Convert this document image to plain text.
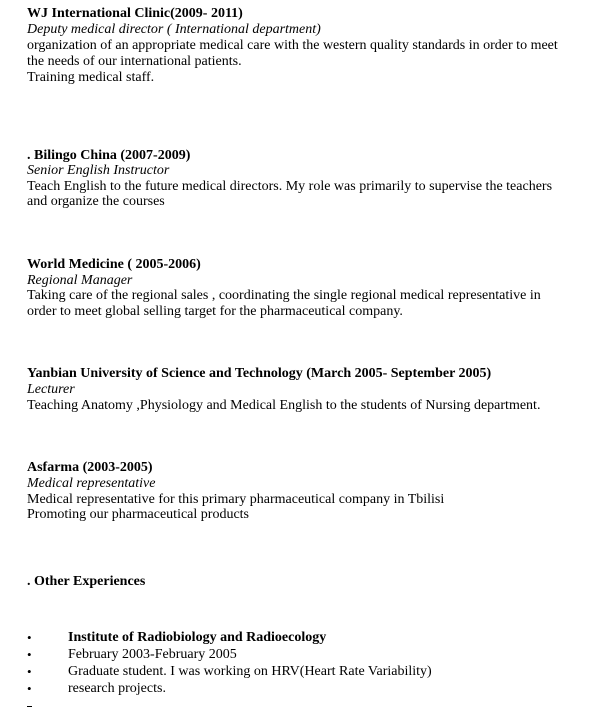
WJ International Clinic(2009- 2011)
Deputy medical director ( International department)
organization of an appropriate medical care with the western quality standards in order to meet
the needs of our international patients.
Training medical staff.
. Bilingo China (2007-2009)
Senior English Instructor
Teach English to the future medical directors. My role was primarily to supervise the teachers
and organize the courses
World Medicine ( 2005-2006)
Regional Manager
Taking care of the regional sales , coordinating the single regional medical representative in
order to meet global selling target for the pharmaceutical company.
Yanbian University of Science and Technology (March 2005- September 2005)
Lecturer
Teaching Anatomy ,Physiology and Medical English to the students of Nursing department.
Asfarma (2003-2005)
Medical representative
Medical representative for this primary pharmaceutical company in Tbilisi
Promoting our pharmaceutical products
. Other Experiences
•	Institute of Radiobiology and Radioecology
•	February 2003-February 2005
•	Graduate student. I was working on HRV(Heart Rate Variability)
•	research projects.
